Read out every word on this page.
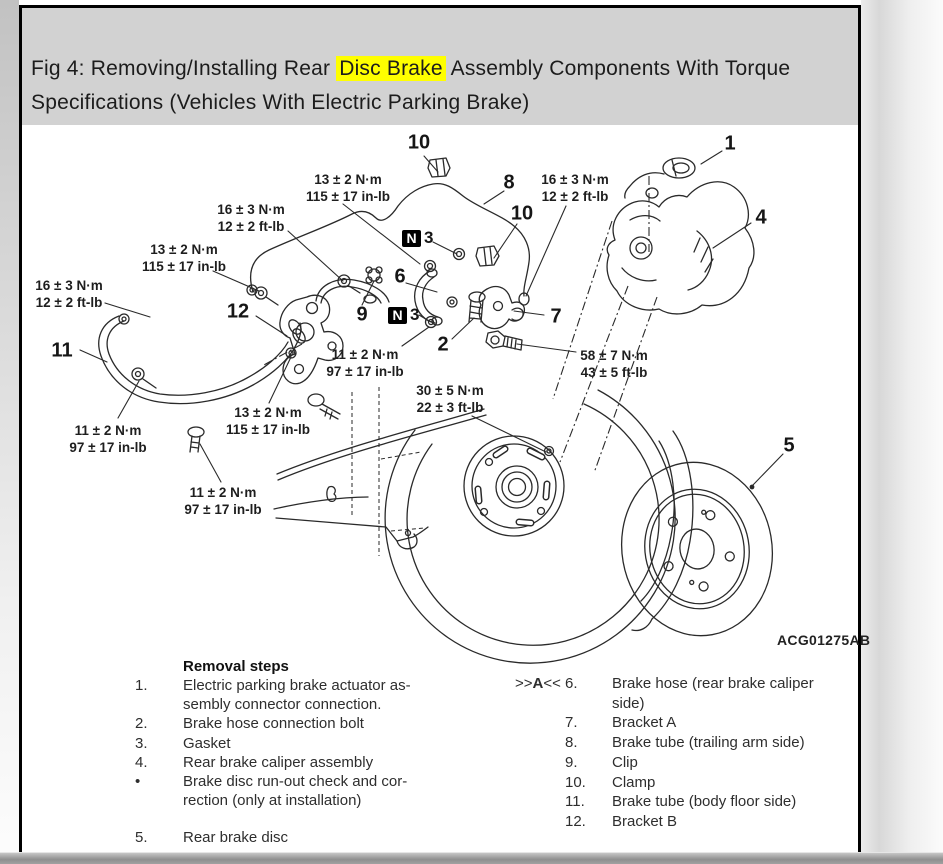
Fig 4: Removing/Installing Rear Disc Brake Assembly Components With Torque Specifications (Vehicles With Electric Parking Brake)
13 ± 2 N·m
115 ± 17 in-lb
16 ± 3 N·m
12 ± 2 ft-lb
16 ± 3 N·m
12 ± 2 ft-lb
13 ± 2 N·m
115 ± 17 in-lb
16 ± 3 N·m
12 ± 2 ft-lb
11 ± 2 N·m
97 ± 17 in-lb
58 ± 7 N·m
43 ± 5 ft-lb
30 ± 5 N·m
22 ± 3 ft-lb
13 ± 2 N·m
115 ± 17 in-lb
11 ± 2 N·m
97 ± 17 in-lb
11 ± 2 N·m
97 ± 17 in-lb
10
8
10
1
4
11
12
6
9
2
7
5
N 3
N 3
ACG01275AB
Removal steps
1. Electric parking brake actuator as-
sembly connector connection.
2. Brake hose connection bolt
3. Gasket
4. Rear brake caliper assembly
•	Brake disc run-out check and cor-
rection (only at installation)
5. Rear brake disc
>>A<< 6. Brake hose (rear brake caliper
side)
7. Bracket A
8. Brake tube (trailing arm side)
9. Clip
10. Clamp
11. Brake tube (body floor side)
12. Bracket B
